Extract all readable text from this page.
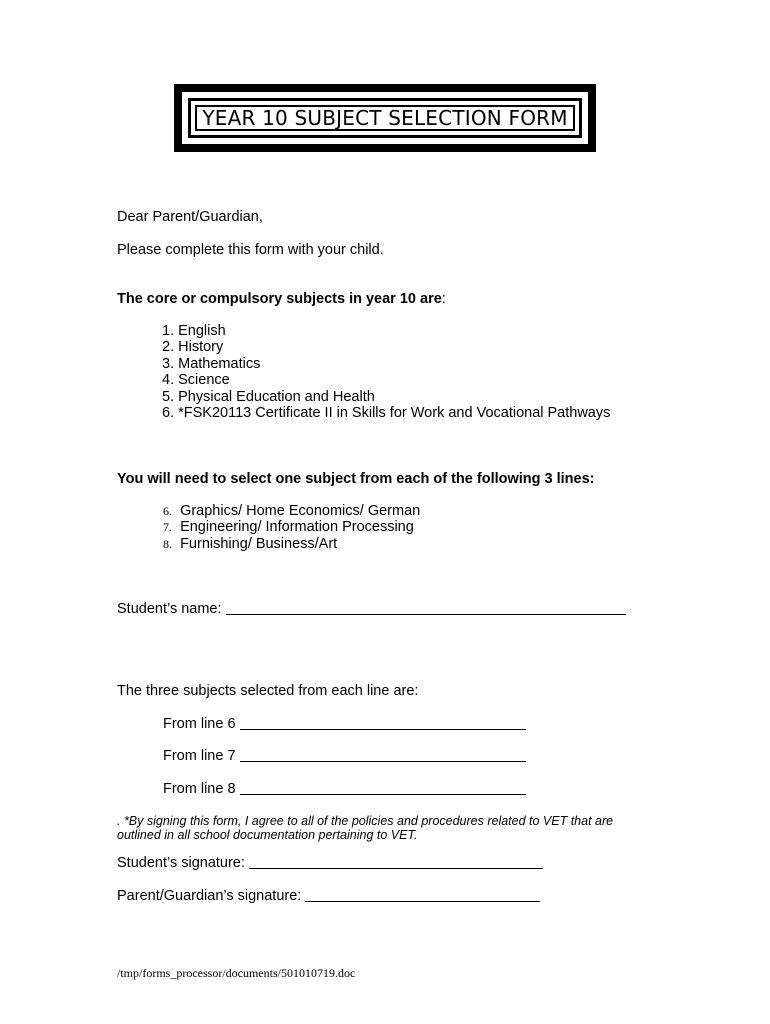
YEAR 10 SUBJECT SELECTION FORM
Dear Parent/Guardian,
Please complete this form with your child.
The core or compulsory subjects in year 10 are:
1. English
2. History
3. Mathematics
4. Science
5. Physical Education and Health
6. *FSK20113 Certificate II in Skills for Work and Vocational Pathways
You will need to select one subject from each of the following 3 lines:
6. Graphics/ Home Economics/ German
7. Engineering/ Information Processing
8. Furnishing/ Business/Art
Student’s name:
The three subjects selected from each line are:
From line 6
From line 7
From line 8
. *By signing this form, I agree to all of the policies and procedures related to VET that are
outlined in all school documentation pertaining to VET.
Student’s signature:
Parent/Guardian’s signature:
/tmp/forms_processor/documents/501010719.doc
